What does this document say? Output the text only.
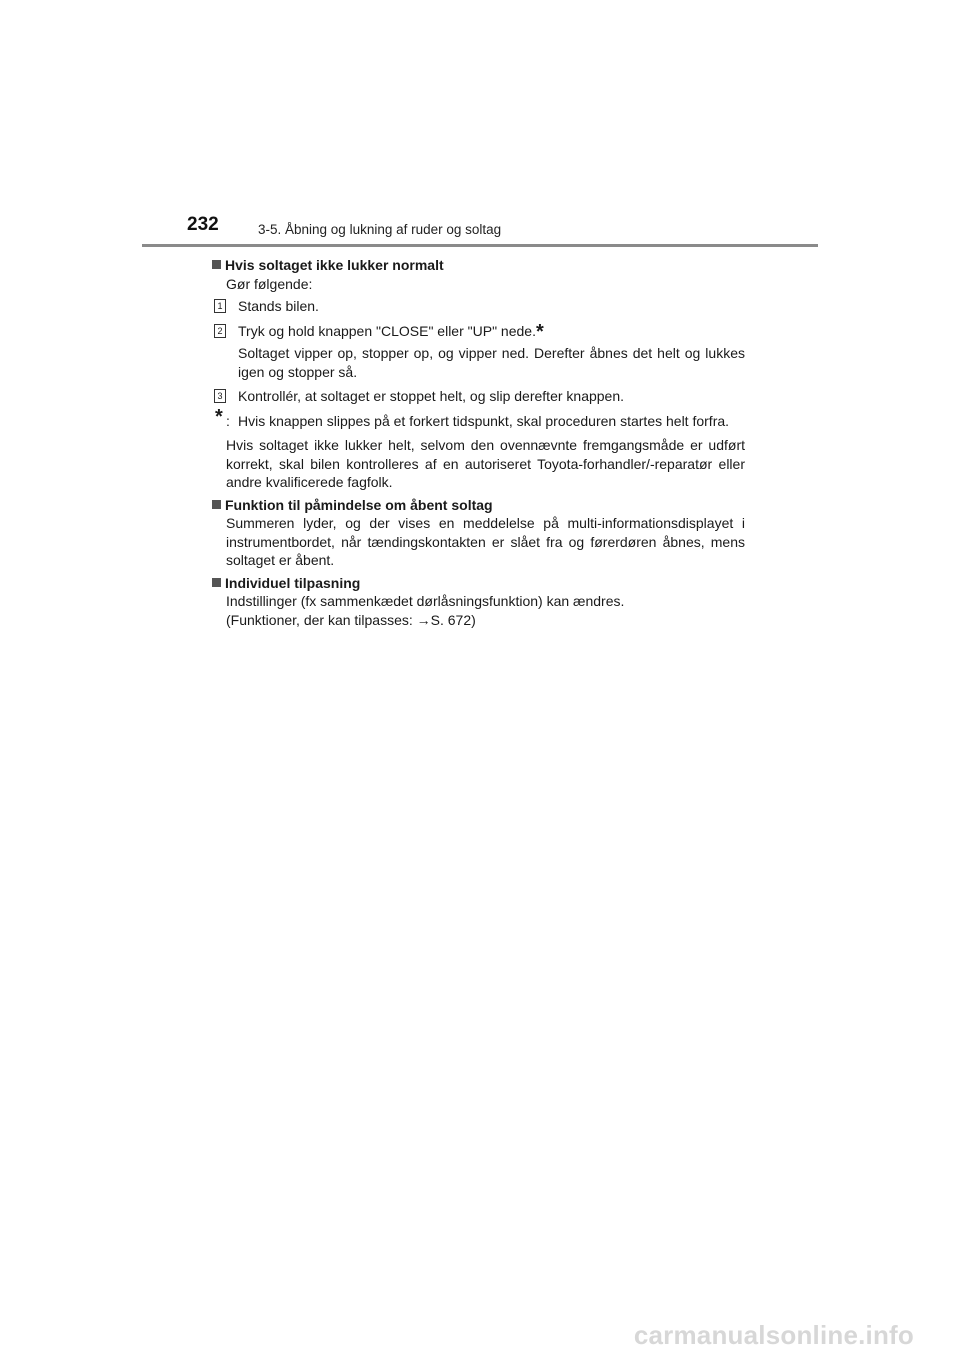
232	3-5. Åbning og lukning af ruder og soltag
Hvis soltaget ikke lukker normalt
Gør følgende:
1 Stands bilen.
2 Tryk og hold knappen "CLOSE" eller "UP" nede.*
Soltaget vipper op, stopper op, og vipper ned. Derefter åbnes det helt og lukkes igen og stopper så.
3 Kontrollér, at soltaget er stoppet helt, og slip derefter knappen.
* : Hvis knappen slippes på et forkert tidspunkt, skal proceduren startes helt forfra.
Hvis soltaget ikke lukker helt, selvom den ovennævnte fremgangsmåde er udført korrekt, skal bilen kontrolleres af en autoriseret Toyota-forhandler/-reparatør eller andre kvalificerede fagfolk.
Funktion til påmindelse om åbent soltag
Summeren lyder, og der vises en meddelelse på multi-informationsdisplayet i instrumentbordet, når tændingskontakten er slået fra og førerdøren åbnes, mens soltaget er åbent.
Individuel tilpasning
Indstillinger (fx sammenkædet dørlåsningsfunktion) kan ændres.
(Funktioner, der kan tilpasses: →S. 672)
carmanualsonline.info
